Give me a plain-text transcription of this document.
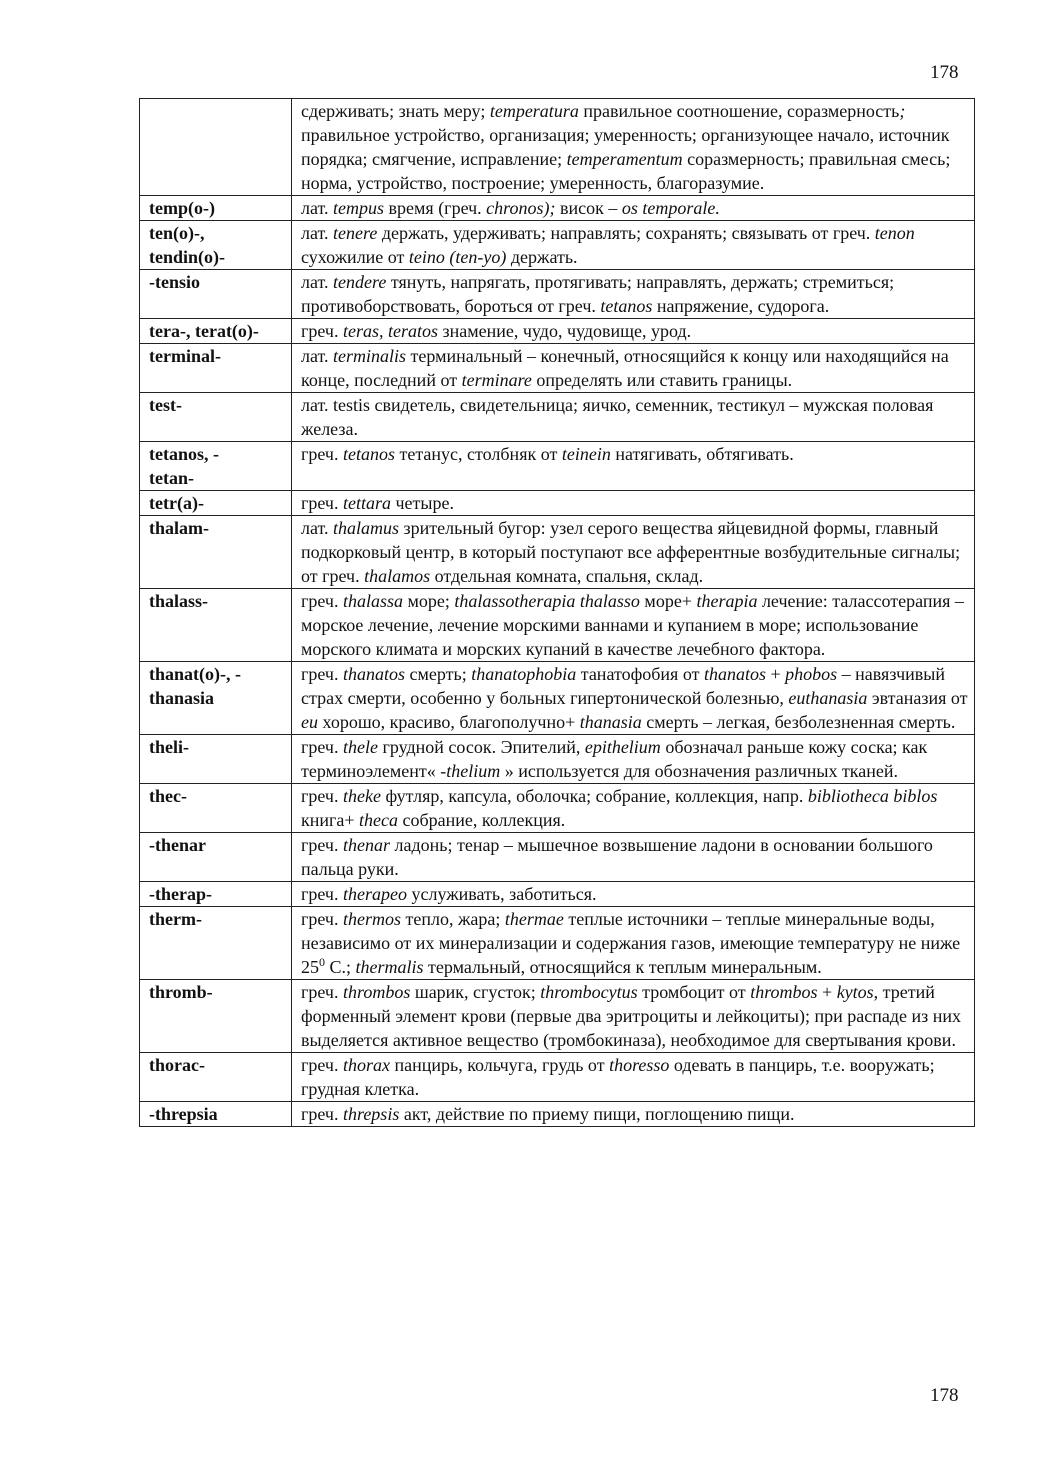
178
	сдерживать; знать меру; temperatura правильное соотношение, соразмерность; правильное устройство, организация; умеренность; организующее начало, источник порядка; смягчение, исправление; temperamentum соразмерность; правильная смесь; норма, устройство, построение; умеренность, благоразумие.

temp(o-)	лат. tempus время (греч. chronos); висок – os temporale.

ten(o)-,
tendin(o)-	лат. tenere держать, удерживать; направлять; сохранять; связывать от греч. tenon сухожилие от teino (ten-yo) держать.

-tensio	лат. tendere тянуть, напрягать, протягивать; направлять, держать; стремиться; противоборствовать, бороться от греч. tetanos напряжение, судорога.

tera-, terat(o)-	греч. teras, teratos знамение, чудо, чудовище, урод.

terminal-	лат. terminalis терминальный – конечный, относящийся к концу или находящийся на конце, последний от terminare определять или ставить границы.

test-	лат. testis свидетель, свидетельница; яичко, семенник, тестикул – мужская половая железа.

tetanos, -
tetan-	греч. tetanos тетанус, столбняк от teinein натягивать, обтягивать.

tetr(a)-	греч. tettara четыре.

thalam-	лат. thalamus зрительный бугор: узел серого вещества яйцевидной формы, главный подкорковый центр, в который поступают все афферентные возбудительные сигналы; от греч. thalamos отдельная комната, спальня, склад.

thalass-	греч. thalassa море; thalassotherapia thalasso море+ therapia лечение: талассотерапия – морское лечение, лечение морскими ваннами и купанием в море; использование морского климата и морских купаний в качестве лечебного фактора.

thanat(o)-, -
thanasia	греч. thanatos смерть; thanatophobia танатофобия от thanatos + phobos – навязчивый страх смерти, особенно у больных гипертонической болезнью, euthanasia эвтаназия от eu хорошо, красиво, благополучно+ thanasia смерть – легкая, безболезненная смерть.

theli-	греч. thele грудной сосок. Эпителий, epithelium обозначал раньше кожу соска; как терминоэлемент« -thelium » используется для обозначения различных тканей.

thec-	греч. theke футляр, капсула, оболочка; собрание, коллекция, напр. bibliotheca biblos книга+ theca собрание, коллекция.

-thenar	греч. thenar ладонь; тенар – мышечное возвышение ладони в основании большого пальца руки.

-therap-	греч. therapeo услуживать, заботиться.

therm-	греч. thermos тепло, жара; thermae теплые источники – теплые минеральные воды, независимо от их минерализации и содержания газов, имеющие температуру не ниже $25^0$ С.; thermalis термальный, относящийся к теплым минеральным.

thromb-	греч. thrombos шарик, сгусток; thrombocytus тромбоцит от thrombos + kytos, третий форменный элемент крови (первые два эритроциты и лейкоциты); при распаде из них выделяется активное вещество (тромбокиназа), необходимое для свертывания крови.

thorac-	греч. thorax панцирь, кольчуга, грудь от thoresso одевать в панцирь, т.е. вооружать; грудная клетка.

-threpsia	греч. threpsis акт, действие по приему пищи, поглощению пищи.
178
